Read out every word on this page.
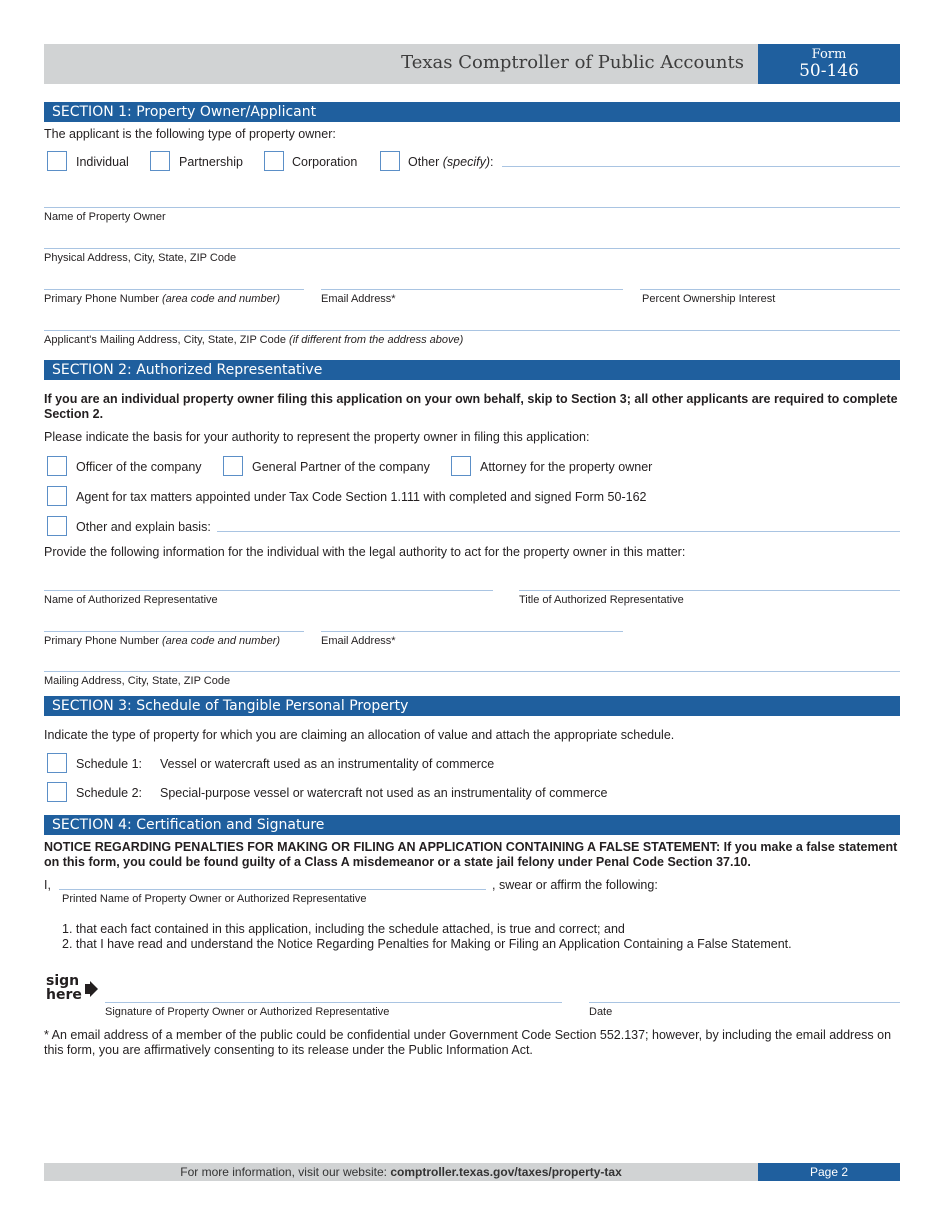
Texas Comptroller of Public Accounts	Form
50-146
SECTION 1: Property Owner/Applicant
The applicant is the following type of property owner:
Individual	Partnership	Corporation	Other (specify):
Name of Property Owner
Physical Address, City, State, ZIP Code
Primary Phone Number (area code and number)	Email Address*	Percent Ownership Interest
Applicant's Mailing Address, City, State, ZIP Code (if different from the address above)
SECTION 2: Authorized Representative
If you are an individual property owner filing this application on your own behalf, skip to Section 3; all other applicants are required to complete Section 2.
Please indicate the basis for your authority to represent the property owner in filing this application:
Officer of the company	General Partner of the company	Attorney for the property owner
Agent for tax matters appointed under Tax Code Section 1.111 with completed and signed Form 50-162
Other and explain basis:
Provide the following information for the individual with the legal authority to act for the property owner in this matter:
Name of Authorized Representative	Title of Authorized Representative
Primary Phone Number (area code and number)	Email Address*
Mailing Address, City, State, ZIP Code
SECTION 3: Schedule of Tangible Personal Property
Indicate the type of property for which you are claiming an allocation of value and attach the appropriate schedule.
Schedule 1: Vessel or watercraft used as an instrumentality of commerce
Schedule 2: Special-purpose vessel or watercraft not used as an instrumentality of commerce
SECTION 4: Certification and Signature
NOTICE REGARDING PENALTIES FOR MAKING OR FILING AN APPLICATION CONTAINING A FALSE STATEMENT: If you make a false statement on this form, you could be found guilty of a Class A misdemeanor or a state jail felony under Penal Code Section 37.10.
I,	, swear or affirm the following:
Printed Name of Property Owner or Authorized Representative
1. that each fact contained in this application, including the schedule attached, is true and correct; and
2. that I have read and understand the Notice Regarding Penalties for Making or Filing an Application Containing a False Statement.
sign
here
Signature of Property Owner or Authorized Representative	Date
* An email address of a member of the public could be confidential under Government Code Section 552.137; however, by including the email address on this form, you are affirmatively consenting to its release under the Public Information Act.
For more information, visit our website: comptroller.texas.gov/taxes/property-tax	Page 2
